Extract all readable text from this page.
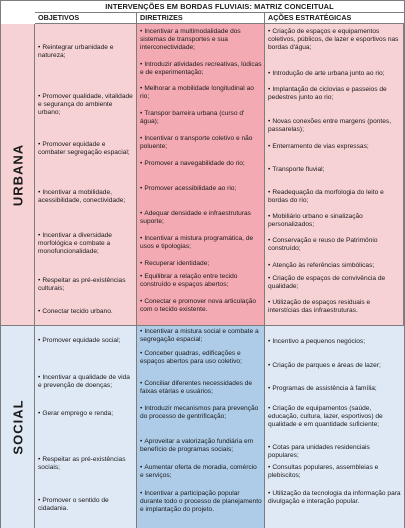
INTERVENÇÕES EM BORDAS FLUVIAIS: MATRIZ CONCEITUAL
OBJETIVOS	DIRETRIZES	AÇÕES ESTRATÉGICAS
URBANA
• Reintegrar urbanidade e natureza;
• Promover qualidade, vitalidade e segurança do ambiente urbano;
• Promover equidade e combater segregação espacial;
• Incentivar a mobilidade, acessibilidade, conectividade;
• Incentivar a diversidade morfológica e combate a monofuncionalidade;
• Respeitar as pré-existências culturais;
• Conectar tecido urbano.
• Incentivar a multimodalidade dos sistemas de transportes e sua interconectividade;
• Introduzir atividades recreativas, lúdicas e de experimentação;
• Melhorar a mobilidade longitudinal ao rio;
• Transpor barreira urbana (curso d' água);
• Incentivar o transporte coletivo e não poluente;
• Promover a navegabilidade do rio;
• Promover acessibilidade ao rio;
• Adequar densidade e infraestruturas suporte;
• Incentivar a mistura programática, de usos e tipologias;
• Recuperar identidade;
• Equilibrar a relação entre tecido construído e espaços abertos;
• Conectar e promover nova articulação com o tecido existente.
• Criação de espaços e equipamentos coletivos, públicos, de lazer e esportivos nas bordas d'água;
• Introdução de arte urbana junto ao rio;
• Implantação de ciclovias e passeios de pedestres junto ao rio;
• Novas conexões entre margens (pontes, passarelas);
• Enterramento de vias expressas;
• Transporte fluvial;
• Readequação da morfologia do leito e bordas do rio;
• Mobiliário urbano e sinalização personalizados;
• Conservação e reuso de Patrimônio construído;
• Atenção às referências simbólicas;
• Criação de espaços de convivência de qualidade;
• Utilização de espaços residuais e interstícias das infraestruturas.
SOCIAL
• Promover equidade social;
• Incentivar a qualidade de vida e prevenção de doenças;
• Gerar emprego e renda;
• Respeitar as pré-existências sociais;
• Promover o sentido de cidadania.
• Incentivar a mistura social e combate a segregação espacial;
• Conceber quadras, edificações e espaços abertos para uso coletivo;
• Conciliar diferentes necessidades de faixas etárias e usuários;
• Introduzir mecanismos para prevenção do processo de gentrificação;
• Aproveitar a valorização fundiária em benefício de programas sociais;
• Aumentar oferta de moradia, comércio e serviços;
• Incentivar a participação popular durante todo o processo de planejamento e implantação do projeto.
• Incentivo a pequenos negócios;
• Criação de parques e áreas de lazer;
• Programas de assistência à família;
• Criação de equipamentos (saúde, educação, cultura, lazer, esportivos) de qualidade e em quantidade suficiente;
• Cotas para unidades residenciais populares;
• Consultas populares, assembleias e plebiscitos;
• Utilização da tecnologia da informação para divulgação e interação popular.
